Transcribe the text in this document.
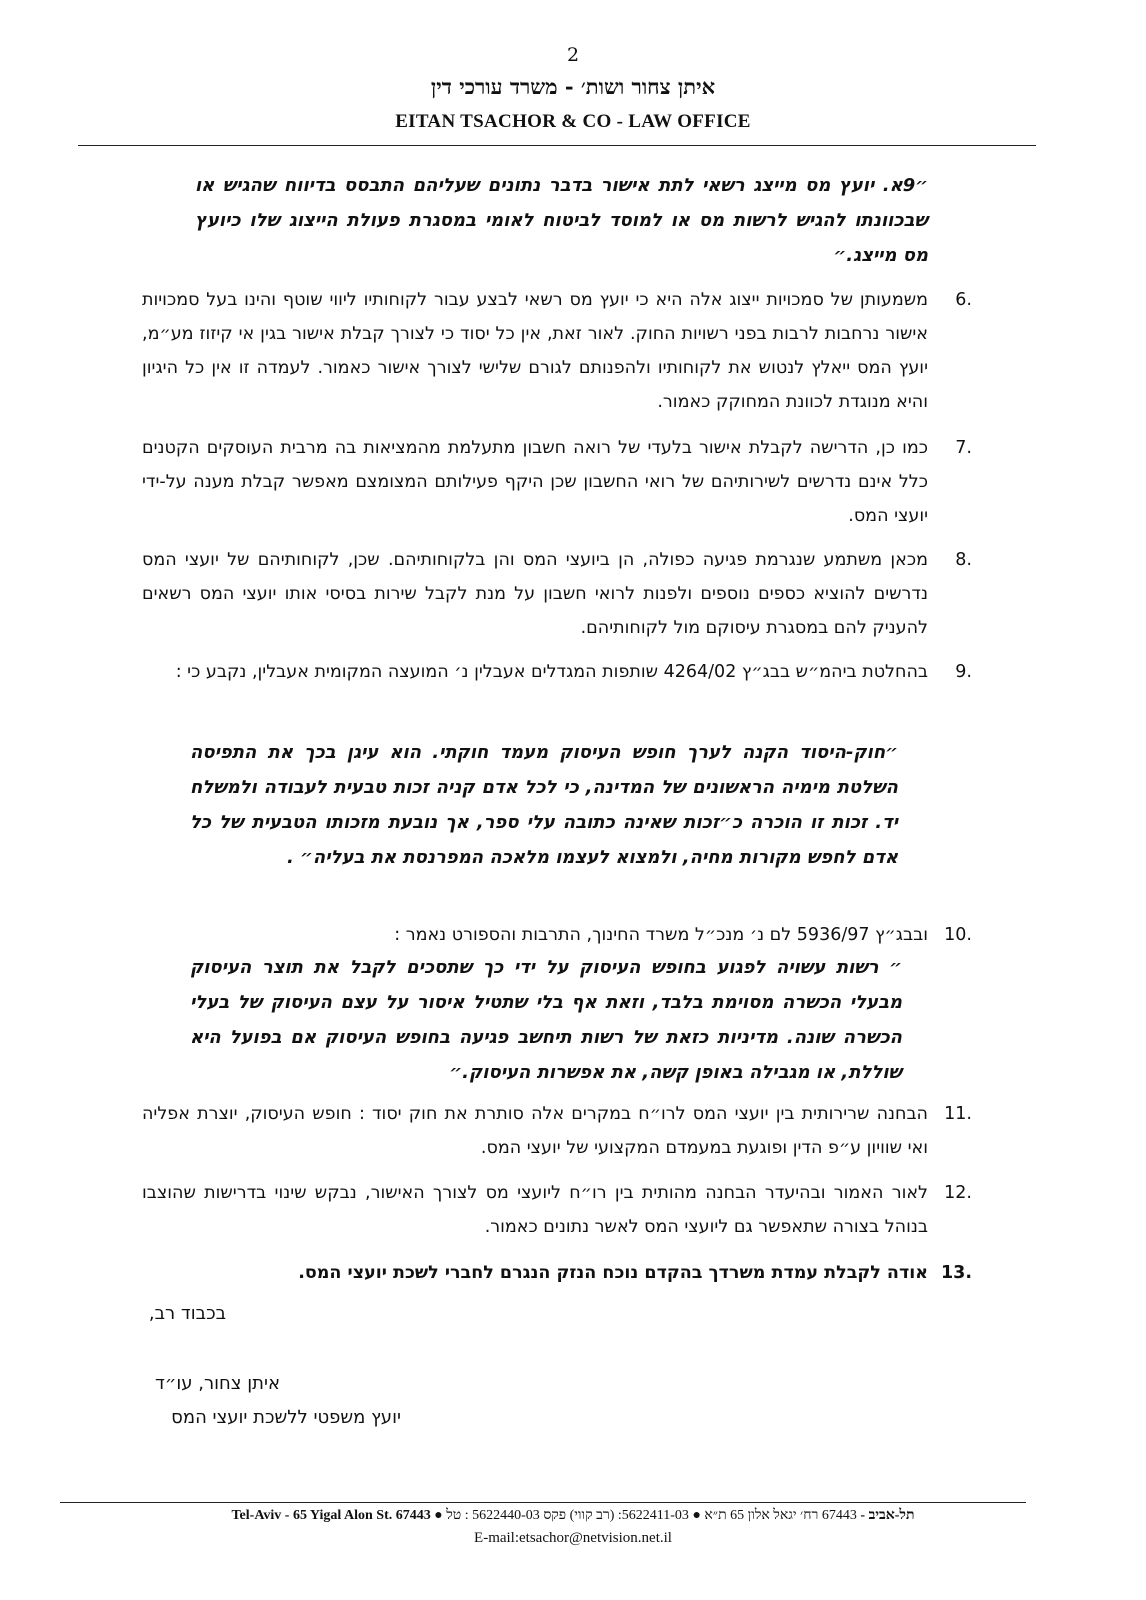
2
איתן צחור ושות׳ - משרד עורכי דין
EITAN TSACHOR & CO - LAW OFFICE
״9א. יועץ מס מייצג רשאי לתת אישור בדבר נתונים שעליהם התבסס בדיווח שהגיש או שבכוונתו להגיש לרשות מס או למוסד לביטוח לאומי במסגרת פעולת הייצוג שלו כיועץ מס מייצג.״
6.
משמעותן של סמכויות ייצוג אלה היא כי יועץ מס רשאי לבצע עבור לקוחותיו ליווי שוטף והינו בעל סמכויות אישור נרחבות לרבות בפני רשויות החוק. לאור זאת, אין כל יסוד כי לצורך קבלת אישור בגין אי קיזוז מע״מ, יועץ המס ייאלץ לנטוש את לקוחותיו ולהפנותם לגורם שלישי לצורך אישור כאמור. לעמדה זו אין כל היגיון והיא מנוגדת לכוונת המחוקק כאמור.
7.
כמו כן, הדרישה לקבלת אישור בלעדי של רואה חשבון מתעלמת מהמציאות בה מרבית העוסקים הקטנים כלל אינם נדרשים לשירותיהם של רואי החשבון שכן היקף פעילותם המצומצם מאפשר קבלת מענה על-ידי יועצי המס.
8.
מכאן משתמע שנגרמת פגיעה כפולה, הן ביועצי המס והן בלקוחותיהם. שכן, לקוחותיהם של יועצי המס נדרשים להוציא כספים נוספים ולפנות לרואי חשבון על מנת לקבל שירות בסיסי אותו יועצי המס רשאים להעניק להם במסגרת עיסוקם מול לקוחותיהם.
9.
בהחלטת ביהמ״ש בבג״ץ 4264/02 שותפות המגדלים אעבלין נ׳ המועצה המקומית אעבלין, נקבע כי :
״חוק-היסוד הקנה לערך חופש העיסוק מעמד חוקתי. הוא עיגן בכך את התפיסה השלטת מימיה הראשונים של המדינה, כי לכל אדם קניה זכות טבעית לעבודה ולמשלח יד. זכות זו הוכרה כ״זכות שאינה כתובה עלי ספר, אך נובעת מזכותו הטבעית של כל אדם לחפש מקורות מחיה, ולמצוא לעצמו מלאכה המפרנסת את בעליה״ .
10.
ובבג״ץ 5936/97 לם נ׳ מנכ״ל משרד החינוך, התרבות והספורט נאמר :
״ רשות עשויה לפגוע בחופש העיסוק על ידי כך שתסכים לקבל את תוצר העיסוק מבעלי הכשרה מסוימת בלבד, וזאת אף בלי שתטיל איסור על עצם העיסוק של בעלי הכשרה שונה. מדיניות כזאת של רשות תיחשב פגיעה בחופש העיסוק אם בפועל היא שוללת, או מגבילה באופן קשה, את אפשרות העיסוק.״
11.
הבחנה שרירותית בין יועצי המס לרו״ח במקרים אלה סותרת את חוק יסוד : חופש העיסוק, יוצרת אפליה ואי שוויון ע״פ הדין ופוגעת במעמדם המקצועי של יועצי המס.
12.
לאור האמור ובהיעדר הבחנה מהותית בין רו״ח ליועצי מס לצורך האישור, נבקש שינוי בדרישות שהוצבו בנוהל בצורה שתאפשר גם ליועצי המס לאשר נתונים כאמור.
13.
אודה לקבלת עמדת משרדך בהקדם נוכח הנזק הנגרם לחברי לשכת יועצי המס.
בכבוד רב,
איתן צחור, עו״ד
יועץ משפטי ללשכת יועצי המס
Tel-Aviv - 65 Yigal Alon St. 67443 ● 5622411-03: (רב קווי) פקס 5622440-03 : טל ● 67443 רח׳ יגאל אלון 65 ת״א תל-אביב -
E-mail:etsachor@netvision.net.il
